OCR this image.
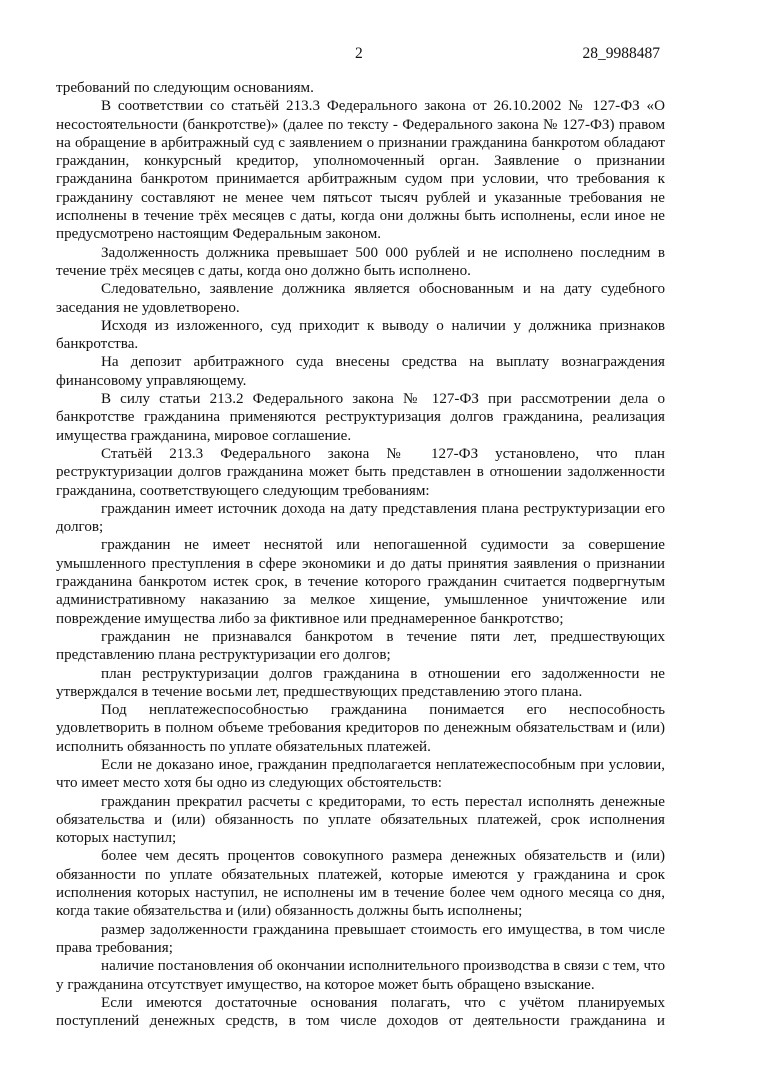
2	28_9988487

требований по следующим основаниям.

В соответствии со статьёй 213.3 Федерального закона от 26.10.2002 № 127-ФЗ «О несостоятельности (банкротстве)» (далее по тексту - Федерального закона № 127-ФЗ) правом на обращение в арбитражный суд с заявлением о признании гражданина банкротом обладают гражданин, конкурсный кредитор, уполномоченный орган. Заявление о признании гражданина банкротом принимается арбитражным судом при условии, что требования к гражданину составляют не менее чем пятьсот тысяч рублей и указанные требования не исполнены в течение трёх месяцев с даты, когда они должны быть исполнены, если иное не предусмотрено настоящим Федеральным законом.

Задолженность должника превышает 500 000 рублей и не исполнено последним в течение трёх месяцев с даты, когда оно должно быть исполнено.

Следовательно, заявление должника является обоснованным и на дату судебного заседания не удовлетворено.

Исходя из изложенного, суд приходит к выводу о наличии у должника признаков банкротства.

На депозит арбитражного суда внесены средства на выплату вознаграждения финансовому управляющему.

В силу статьи 213.2 Федерального закона № 127-ФЗ при рассмотрении дела о банкротстве гражданина применяются реструктуризация долгов гражданина, реализация имущества гражданина, мировое соглашение.

Статьёй 213.3 Федерального закона № 127-ФЗ установлено, что план реструктуризации долгов гражданина может быть представлен в отношении задолженности гражданина, соответствующего следующим требованиям:

гражданин имеет источник дохода на дату представления плана реструктуризации его долгов;

гражданин не имеет неснятой или непогашенной судимости за совершение умышленного преступления в сфере экономики и до даты принятия заявления о признании гражданина банкротом истек срок, в течение которого гражданин считается подвергнутым административному наказанию за мелкое хищение, умышленное уничтожение или повреждение имущества либо за фиктивное или преднамеренное банкротство;

гражданин не признавался банкротом в течение пяти лет, предшествующих представлению плана реструктуризации его долгов;

план реструктуризации долгов гражданина в отношении его задолженности не утверждался в течение восьми лет, предшествующих представлению этого плана.

Под неплатежеспособностью гражданина понимается его неспособность удовлетворить в полном объеме требования кредиторов по денежным обязательствам и (или) исполнить обязанность по уплате обязательных платежей.

Если не доказано иное, гражданин предполагается неплатежеспособным при условии, что имеет место хотя бы одно из следующих обстоятельств:

гражданин прекратил расчеты с кредиторами, то есть перестал исполнять денежные обязательства и (или) обязанность по уплате обязательных платежей, срок исполнения которых наступил;

более чем десять процентов совокупного размера денежных обязательств и (или) обязанности по уплате обязательных платежей, которые имеются у гражданина и срок исполнения которых наступил, не исполнены им в течение более чем одного месяца со дня, когда такие обязательства и (или) обязанность должны быть исполнены;

размер задолженности гражданина превышает стоимость его имущества, в том числе права требования;

наличие постановления об окончании исполнительного производства в связи с тем, что у гражданина отсутствует имущество, на которое может быть обращено взыскание.

Если имеются достаточные основания полагать, что с учётом планируемых поступлений денежных средств, в том числе доходов от деятельности гражданина и
